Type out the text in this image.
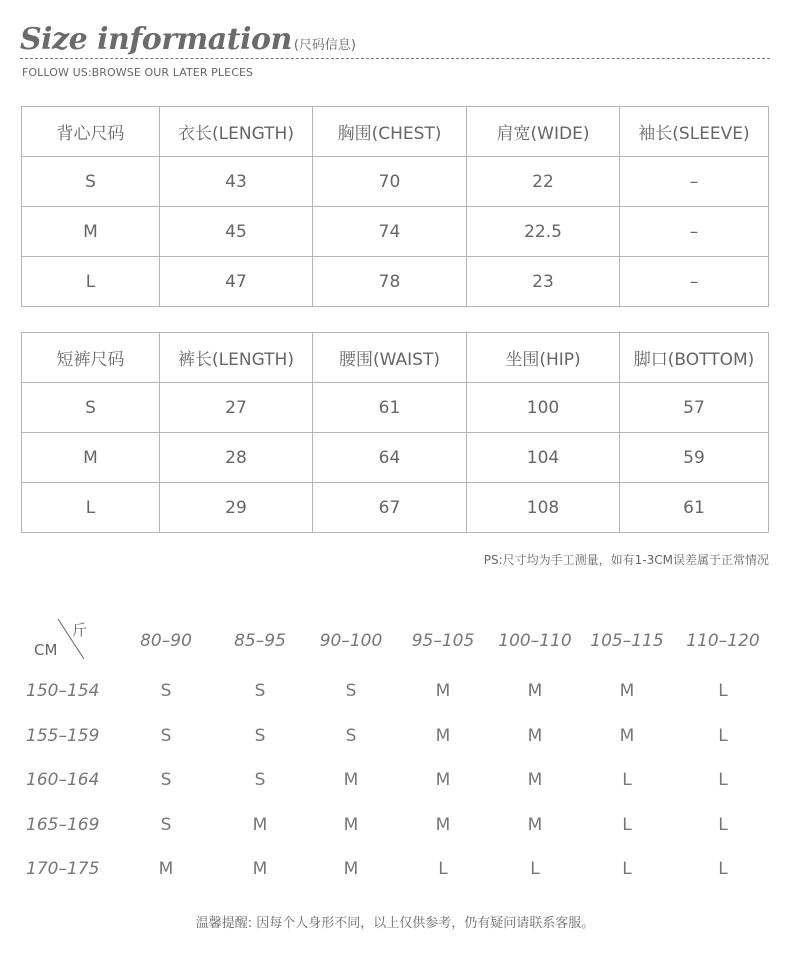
Size information (尺码信息)
FOLLOW US:BROWSE OUR LATER PLECES
背心尺码	衣长(LENGTH)	胸围(CHEST)	肩宽(WIDE)	袖长(SLEEVE)
S	43	70	22	–
M	45	74	22.5	–
L	47	78	23	–
短裤尺码	裤长(LENGTH)	腰围(WAIST)	坐围(HIP)	脚口(BOTTOM)
S	27	61	100	57
M	28	64	104	59
L	29	67	108	61
PS:尺寸均为手工测量，如有1-3CM误差属于正常情况
CM
斤
80–90 85–95 90–100 95–105 100–110 105–115 110–120
150–154	S	S	S	M	M	M	L
155–159	S	S	S	M	M	M	L
160–164	S	S	M	M	M	L	L
165–169	S	M	M	M	M	L	L
170–175	M	M	M	L	L	L	L
温馨提醒: 因每个人身形不同，以上仅供参考，仍有疑问请联系客服。
